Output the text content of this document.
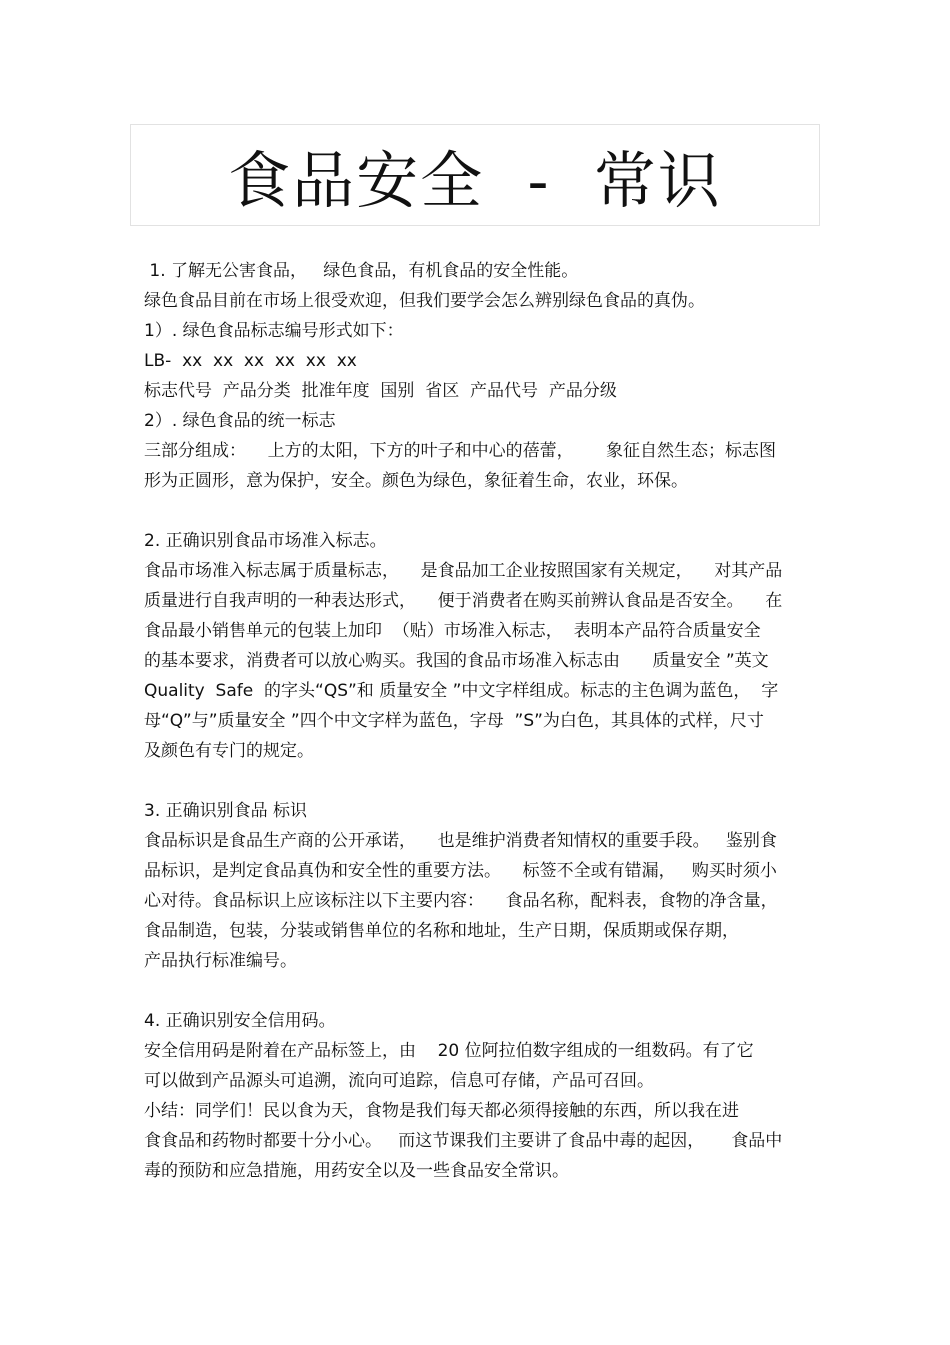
食品安全  -  常识
1. 了解无公害食品，   绿色食品，有机食品的安全性能。
绿色食品目前在市场上很受欢迎，但我们要学会怎么辨别绿色食品的真伪。
1）. 绿色食品标志编号形式如下：
LB-  xx  xx  xx  xx  xx  xx
标志代号  产品分类  批准年度  国别  省区  产品代号  产品分级
2）. 绿色食品的统一标志
三部分组成：    上方的太阳，下方的叶子和中心的蓓蕾，      象征自然生态；标志图
形为正圆形，意为保护，安全。颜色为绿色，象征着生命，农业，环保。
2. 正确识别食品市场准入标志。
食品市场准入标志属于质量标志，    是食品加工企业按照国家有关规定，    对其产品
质量进行自我声明的一种表达形式，    便于消费者在购买前辨认食品是否安全。    在
食品最小销售单元的包装上加印  （贴）市场准入标志，  表明本产品符合质量安全
的基本要求，消费者可以放心购买。我国的食品市场准入标志由      质量安全 ”英文
Quality  Safe  的字头“QS”和 质量安全 ”中文字样组成。标志的主色调为蓝色，  字
母“Q”与”质量安全 ”四个中文字样为蓝色，字母  ”S”为白色，其具体的式样，尺寸
及颜色有专门的规定。
3. 正确识别食品 标识
食品标识是食品生产商的公开承诺，    也是维护消费者知情权的重要手段。   鉴别食
品标识，是判定食品真伪和安全性的重要方法。    标签不全或有错漏，   购买时须小
心对待。食品标识上应该标注以下主要内容：    食品名称，配料表，食物的净含量，
食品制造，包装，分装或销售单位的名称和地址，生产日期，保质期或保存期，
产品执行标准编号。
4. 正确识别安全信用码。
安全信用码是附着在产品标签上，由    20 位阿拉伯数字组成的一组数码。有了它
可以做到产品源头可追溯，流向可追踪，信息可存储，产品可召回。
小结：同学们！民以食为天，食物是我们每天都必须得接触的东西，所以我在进
食食品和药物时都要十分小心。   而这节课我们主要讲了食品中毒的起因，     食品中
毒的预防和应急措施，用药安全以及一些食品安全常识。
